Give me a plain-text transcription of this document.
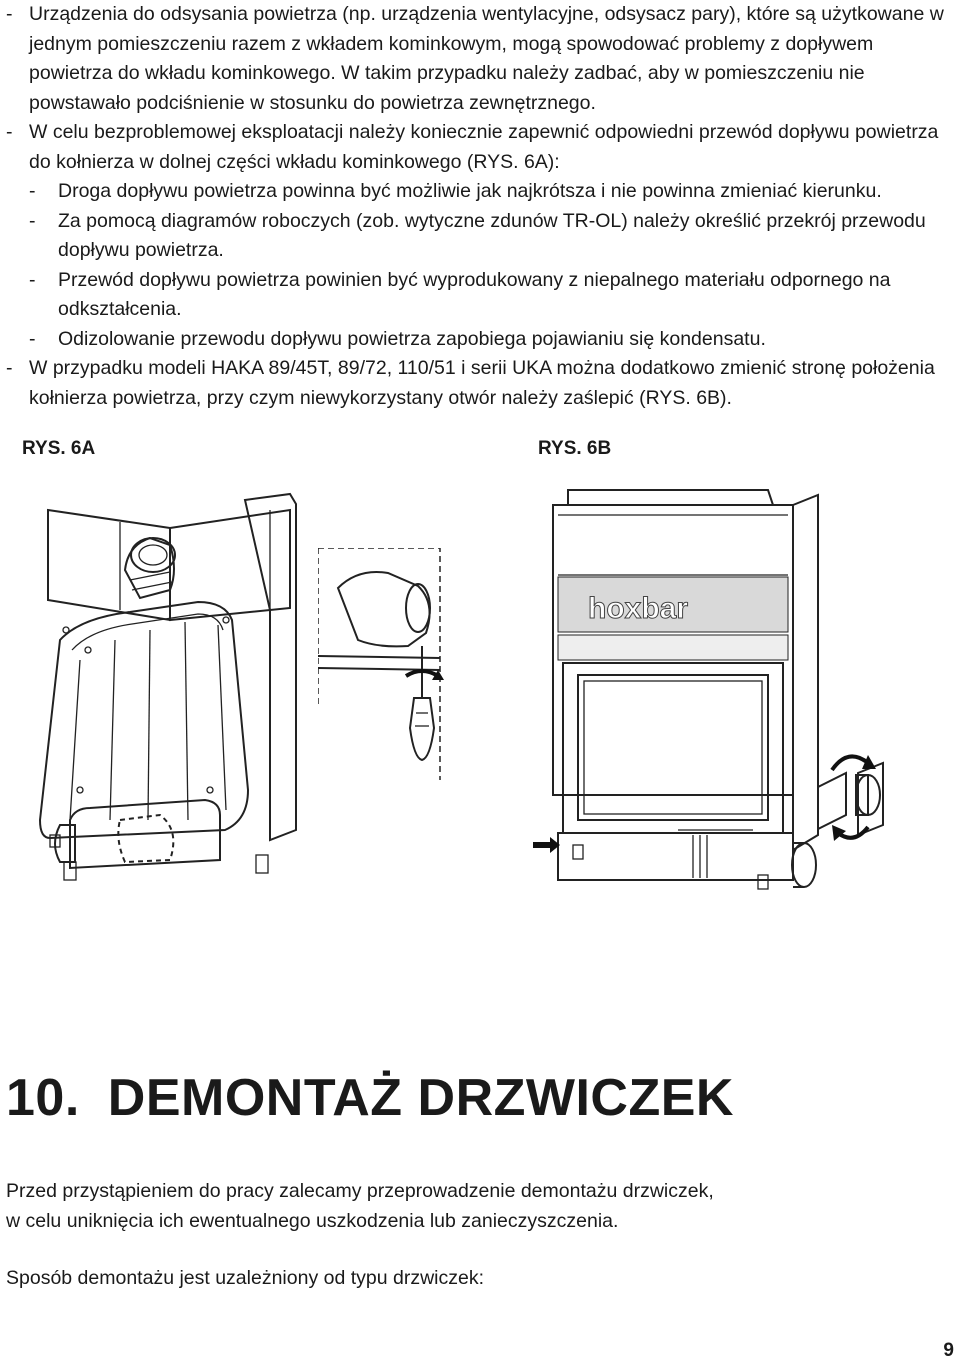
- Urządzenia do odsysania powietrza (np. urządzenia wentylacyjne, odsysacz pary), które są użytkowane w jednym pomieszczeniu razem z wkładem kominkowym, mogą spowodować problemy z dopływem powietrza do wkładu kominkowego. W takim przypadku należy zadbać, aby w pomieszczeniu nie powstawało podciśnienie w stosunku do powietrza zewnętrznego.
- W celu bezproblemowej eksploatacji należy koniecznie zapewnić odpowiedni przewód dopływu powietrza do kołnierza w dolnej części wkładu kominkowego (RYS. 6A):
- Droga dopływu powietrza powinna być możliwie jak najkrótsza i nie powinna zmieniać kierunku.
- Za pomocą diagramów roboczych (zob. wytyczne zdunów TR-OL) należy określić przekrój przewodu dopływu powietrza.
- Przewód dopływu powietrza powinien być wyprodukowany z niepalnego materiału odpornego na odkształcenia.
- Odizolowanie przewodu dopływu powietrza zapobiega pojawianiu się kondensatu.
- W przypadku modeli HAKA 89/45T, 89/72, 110/51 i serii UKA można dodatkowo zmienić stronę położenia kołnierza powietrza, przy czym niewykorzystany otwór należy zaślepić (RYS. 6B).
RYS. 6A	RYS. 6B
hoxbar
10. DEMONTAŻ DRZWICZEK
Przed przystąpieniem do pracy zalecamy przeprowadzenie demontażu drzwiczek,
w celu uniknięcia ich ewentualnego uszkodzenia lub zanieczyszczenia.
Sposób demontażu jest uzależniony od typu drzwiczek:
9
